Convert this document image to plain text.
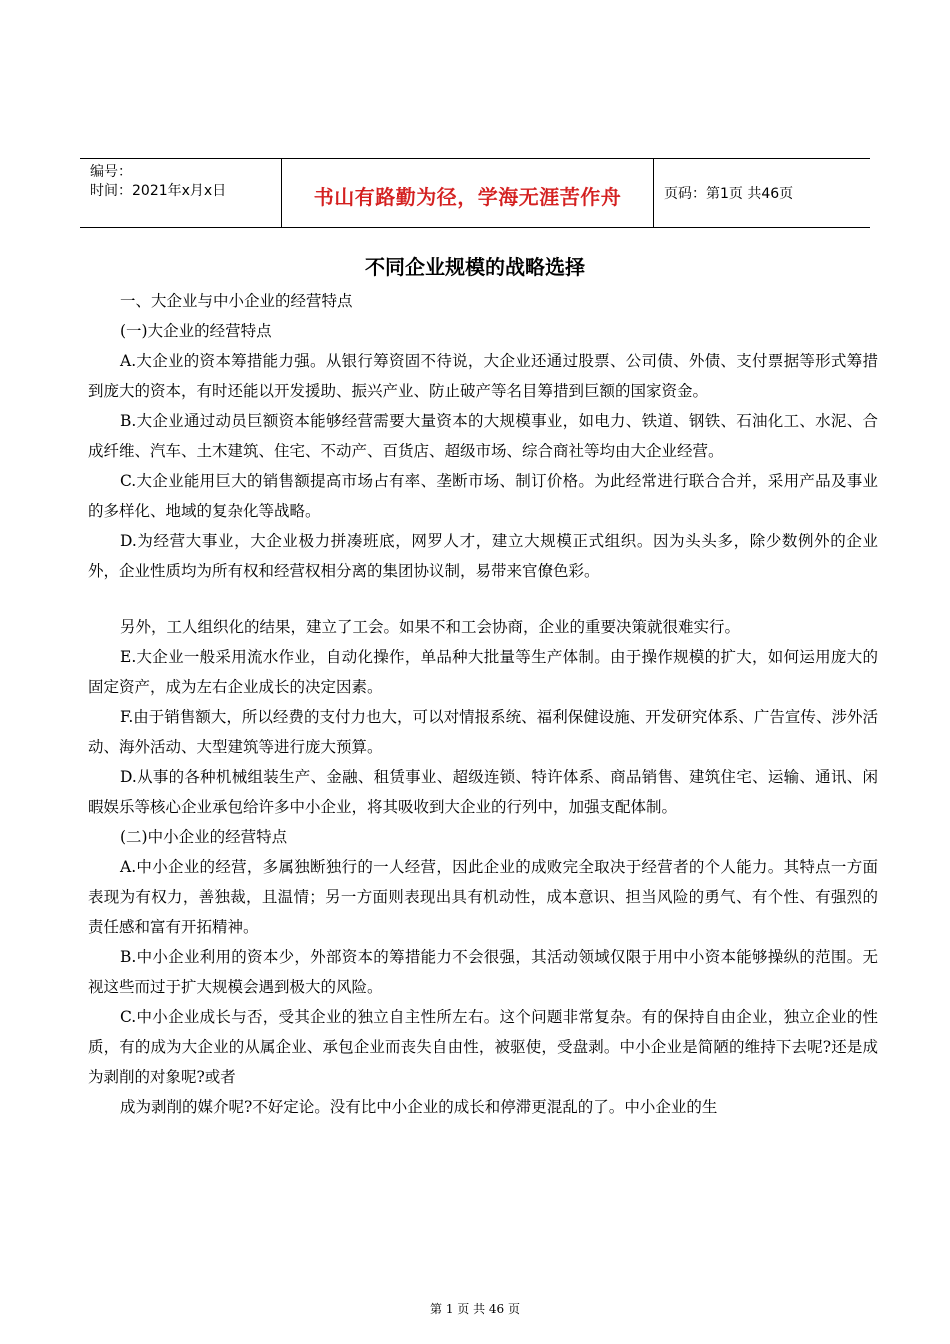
编号：
时间：2021年x月x日	书山有路勤为径，学海无涯苦作舟	页码：第1页 共46页
不同企业规模的战略选择

一、大企业与中小企业的经营特点

(一)大企业的经营特点

A.大企业的资本筹措能力强。从银行筹资固不待说，大企业还通过股票、公司债、外债、支付票据等形式筹措到庞大的资本，有时还能以开发援助、振兴产业、防止破产等名目筹措到巨额的国家资金。

B.大企业通过动员巨额资本能够经营需要大量资本的大规模事业，如电力、铁道、钢铁、石油化工、水泥、合成纤维、汽车、土木建筑、住宅、不动产、百货店、超级市场、综合商社等均由大企业经营。

C.大企业能用巨大的销售额提高市场占有率、垄断市场、制订价格。为此经常进行联合合并，采用产品及事业的多样化、地域的复杂化等战略。

D.为经营大事业，大企业极力拼凑班底，网罗人才，建立大规模正式组织。因为头头多，除少数例外的企业外，企业性质均为所有权和经营权相分离的集团协议制，易带来官僚色彩。

另外，工人组织化的结果，建立了工会。如果不和工会协商，企业的重要决策就很难实行。

E.大企业一般采用流水作业，自动化操作，单品种大批量等生产体制。由于操作规模的扩大，如何运用庞大的固定资产，成为左右企业成长的决定因素。

F.由于销售额大，所以经费的支付力也大，可以对情报系统、福利保健设施、开发研究体系、广告宣传、涉外活动、海外活动、大型建筑等进行庞大预算。

D.从事的各种机械组装生产、金融、租赁事业、超级连锁、特许体系、商品销售、建筑住宅、运输、通讯、闲暇娱乐等核心企业承包给许多中小企业，将其吸收到大企业的行列中，加强支配体制。

(二)中小企业的经营特点

A.中小企业的经营，多属独断独行的一人经营，因此企业的成败完全取决于经营者的个人能力。其特点一方面表现为有权力，善独裁，且温情；另一方面则表现出具有机动性，成本意识、担当风险的勇气、有个性、有强烈的责任感和富有开拓精神。

B.中小企业利用的资本少，外部资本的筹措能力不会很强，其活动领域仅限于用中小资本能够操纵的范围。无视这些而过于扩大规模会遇到极大的风险。

C.中小企业成长与否，受其企业的独立自主性所左右。这个问题非常复杂。有的保持自由企业，独立企业的性质，有的成为大企业的从属企业、承包企业而丧失自由性，被驱使，受盘剥。中小企业是简陋的维持下去呢?还是成为剥削的对象呢?或者

成为剥削的媒介呢?不好定论。没有比中小企业的成长和停滞更混乱的了。中小企业的生

第 1 页 共 46 页
